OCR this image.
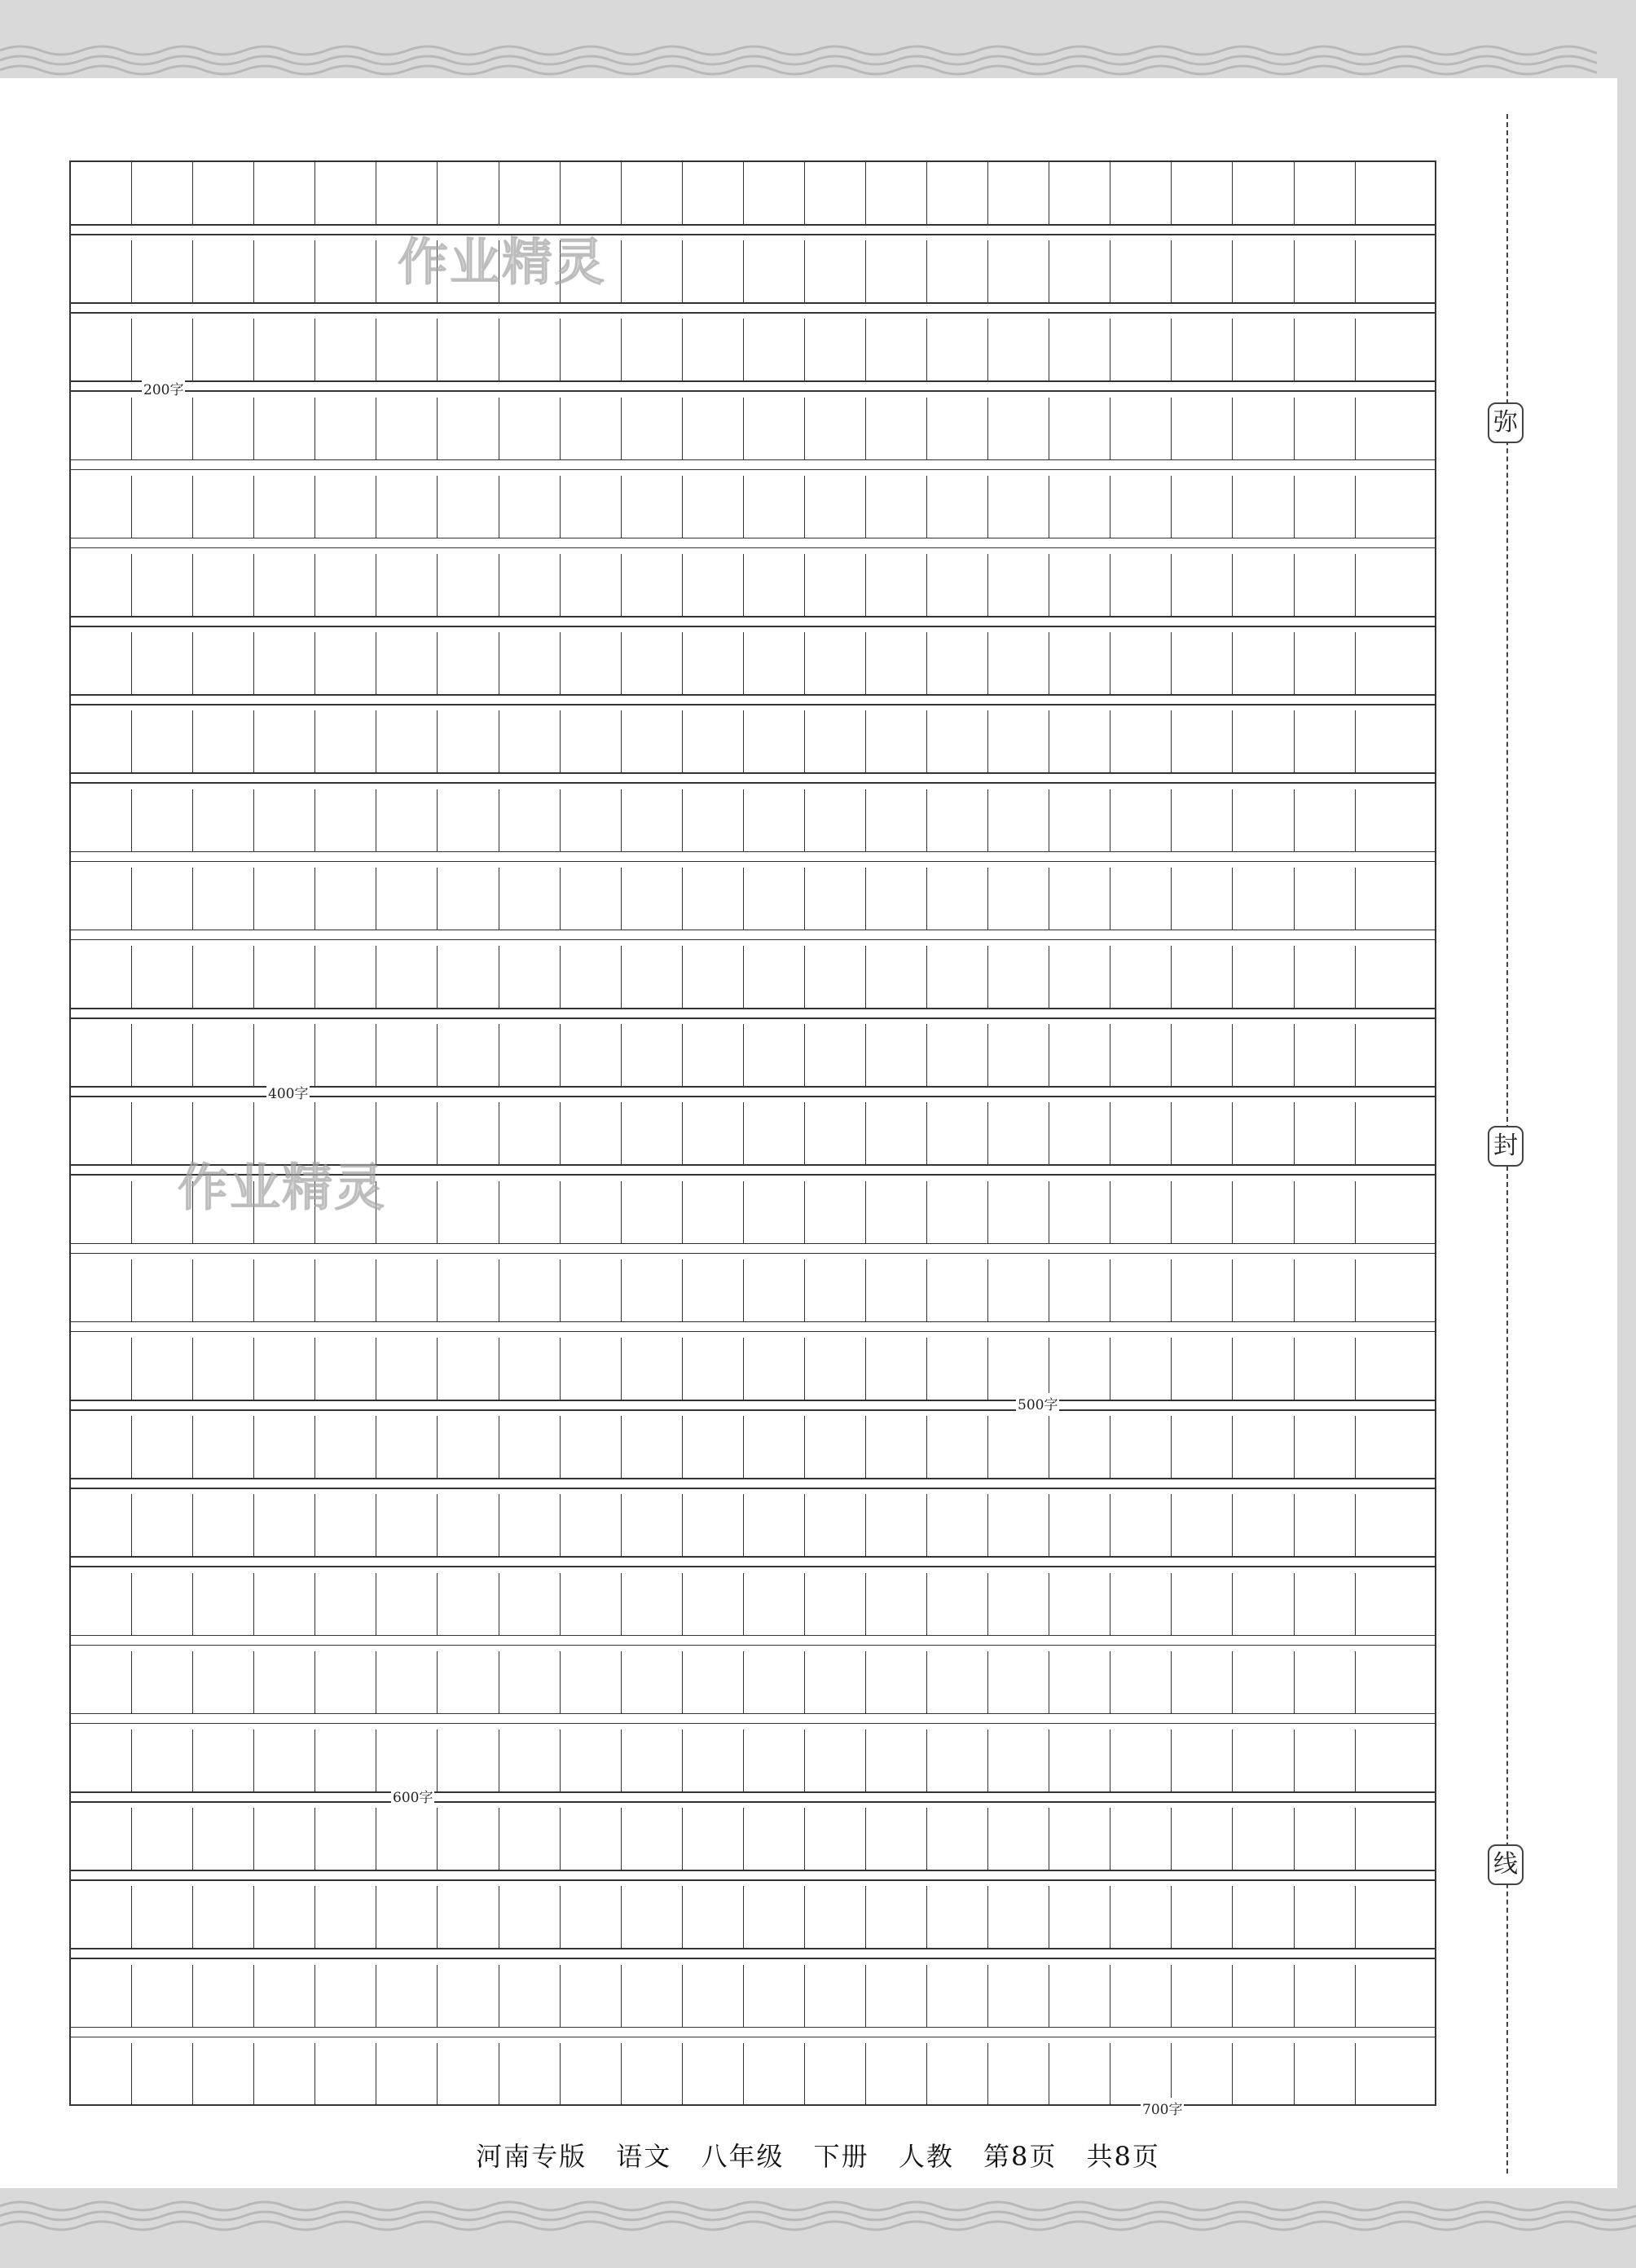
作业精灵
作业精灵
200字
400字
500字
600字
700字
弥
封
线
河南专版 语文 八年级 下册 人教 第8页 共8页
